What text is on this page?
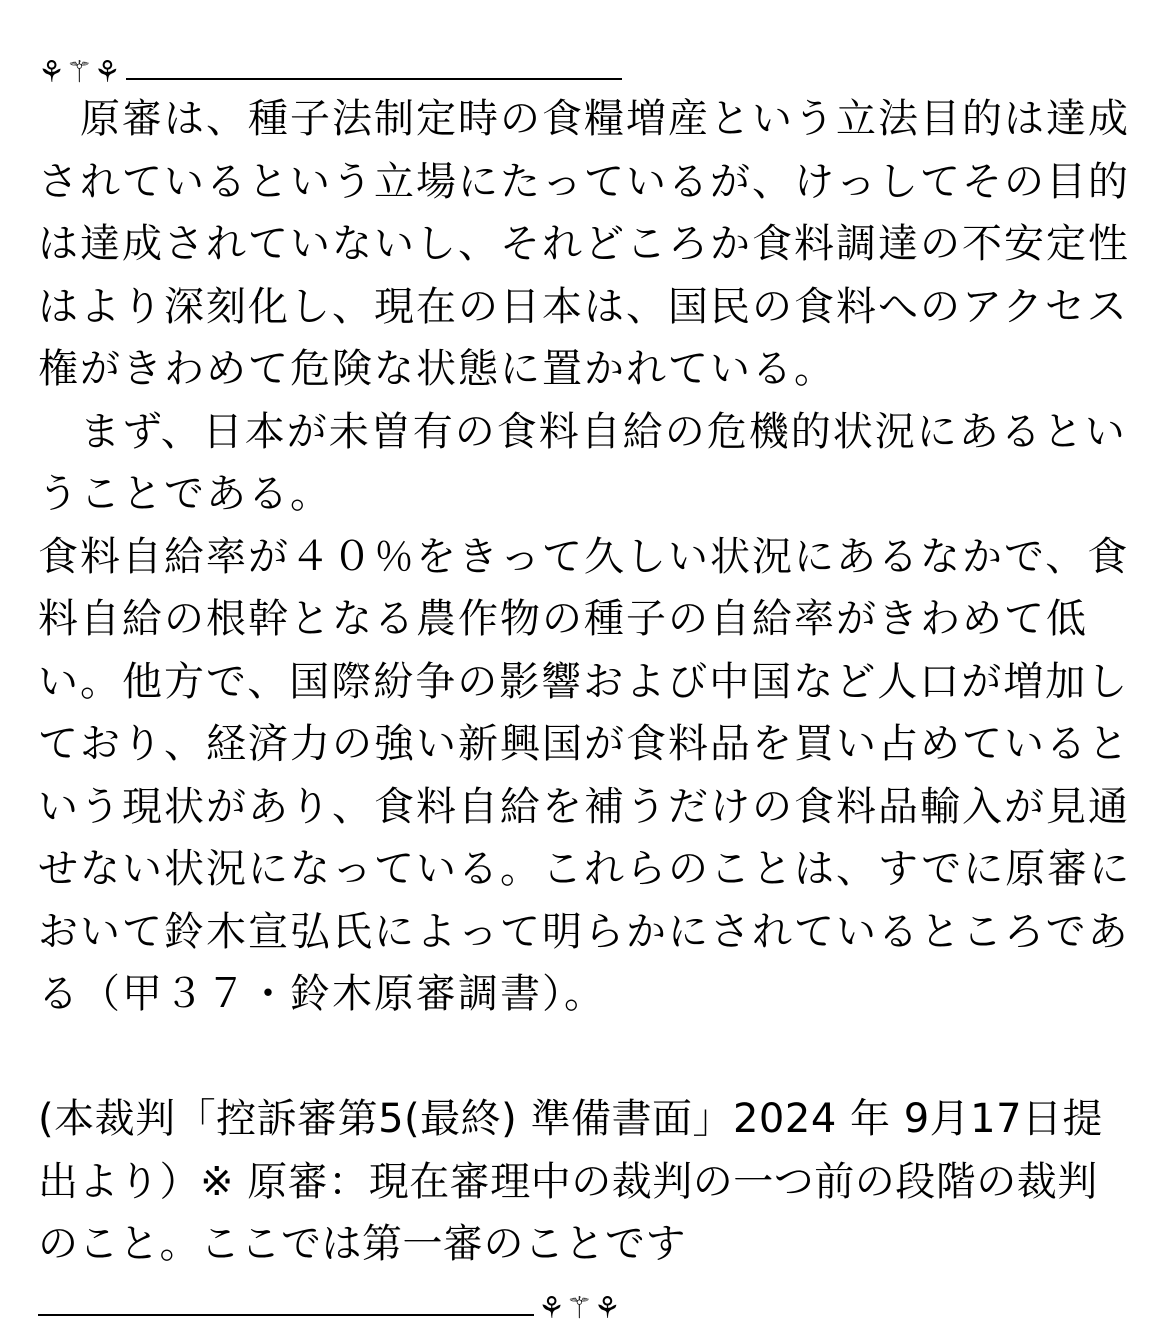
⚘⚚⚘
　原審は、種子法制定時の食糧増産という立法目的は達成
されているという立場にたっているが、けっしてその目的
は達成されていないし、それどころか食料調達の不安定性
はより深刻化し、現在の日本は、国民の食料へのアクセス
権がきわめて危険な状態に置かれている。
　まず、日本が未曽有の食料自給の危機的状況にあるとい
うことである。
食料自給率が４０％をきって久しい状況にあるなかで、食
料自給の根幹となる農作物の種子の自給率がきわめて低
い。他方で、国際紛争の影響および中国など人口が増加し
ており、経済力の強い新興国が食料品を買い占めていると
いう現状があり、食料自給を補うだけの食料品輸入が見通
せない状況になっている。これらのことは、すでに原審に
おいて鈴木宣弘氏によって明らかにされているところであ
る（甲３７・鈴木原審調書）。
(本裁判「控訴審第5(最終) 準備書面」2024 年 9月17日提
出より）※ 原審：現在審理中の裁判の一つ前の段階の裁判
のこと。ここでは第一審のことです
⚘⚚⚘
